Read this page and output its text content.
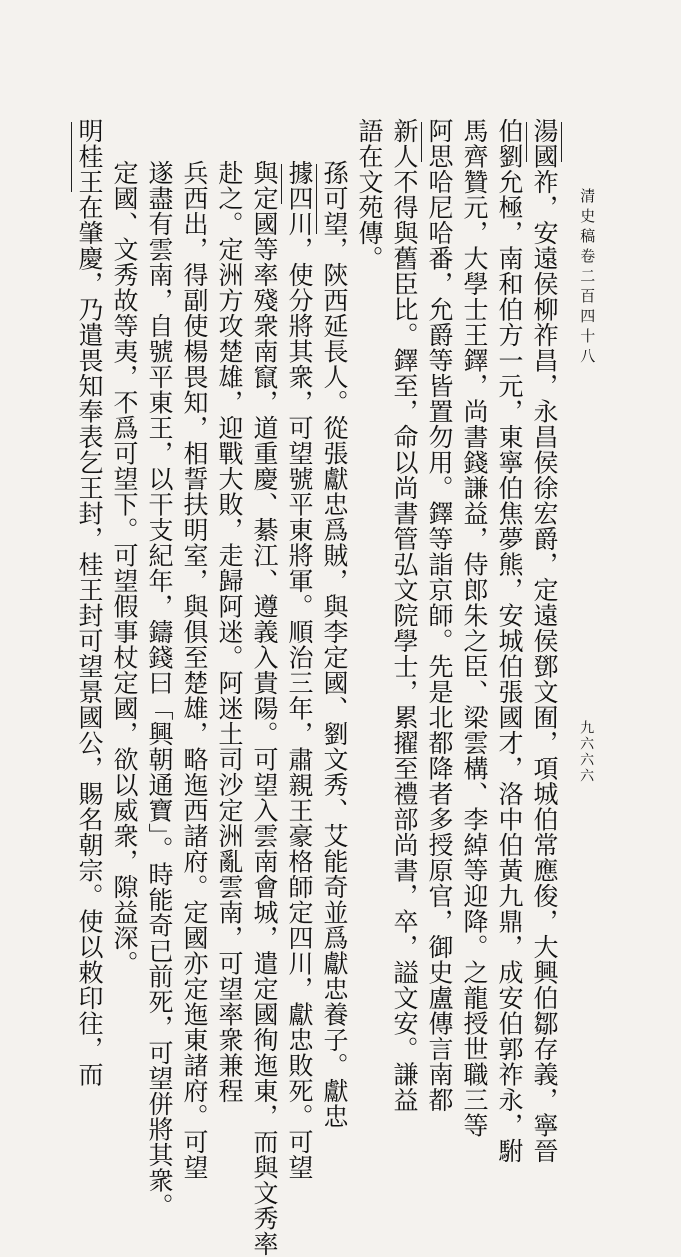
清史稿卷二百四十八
九六六六
湯國祚，安遠侯柳祚昌，永昌侯徐宏爵，定遠侯鄧文囿，項城伯常應俊，大興伯鄒存義，寧晉
伯劉允極，南和伯方一元，東寧伯焦夢熊，安城伯張國才，洛中伯黃九鼎，成安伯郭祚永，駙
馬齊贊元，大學士王鐸，尚書錢謙益，侍郎朱之臣、梁雲構、李綽等迎降。之龍授世職三等
阿思哈尼哈番，允爵等皆置勿用。鐸等詣京師。先是北都降者多授原官，御史盧傳言南都
新人不得與舊臣比。鐸至，命以尚書管弘文院學士，累擢至禮部尚書，卒，謚文安。謙益
語在文苑傳。
孫可望，陝西延長人。從張獻忠爲賊，與李定國、劉文秀、艾能奇並爲獻忠養子。獻忠
據四川，使分將其衆，可望號平東將軍。順治三年，肅親王豪格師定四川，獻忠敗死。可望
與定國等率殘衆南竄，道重慶、綦江、遵義入貴陽。可望入雲南會城，遣定國徇迤東，而與文秀率
赴之。定洲方攻楚雄，迎戰大敗，走歸阿迷。阿迷土司沙定洲亂雲南，可望率衆兼程
兵西出，得副使楊畏知，相誓扶明室，與俱至楚雄，略迤西諸府。定國亦定迤東諸府。可望
遂盡有雲南，自號平東王，以干支紀年，鑄錢曰「興朝通寶」。時能奇已前死，可望併將其衆。
定國、文秀故等夷，不爲可望下。可望假事杖定國，欲以威衆，隙益深。
明桂王在肇慶，乃遣畏知奉表乞王封，桂王封可望景國公，賜名朝宗。使以敕印往，而
